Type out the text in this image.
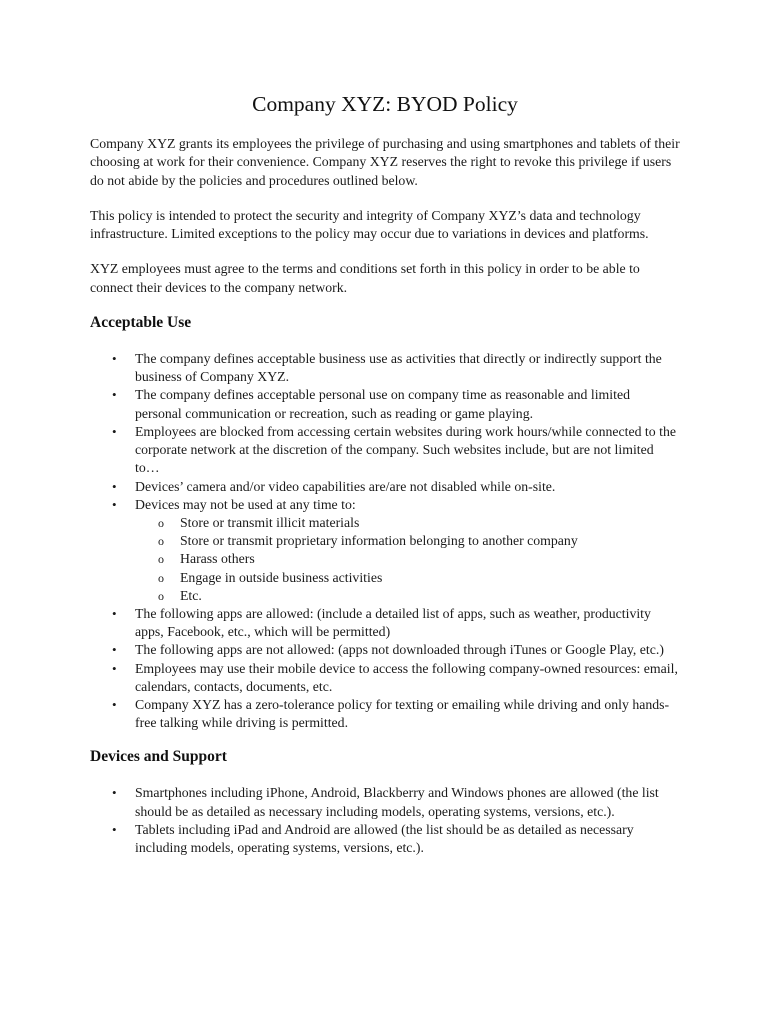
Company XYZ: BYOD Policy

Company XYZ grants its employees the privilege of purchasing and using smartphones and tablets of their choosing at work for their convenience. Company XYZ reserves the right to revoke this privilege if users do not abide by the policies and procedures outlined below.

This policy is intended to protect the security and integrity of Company XYZ’s data and technology infrastructure. Limited exceptions to the policy may occur due to variations in devices and platforms.

XYZ employees must agree to the terms and conditions set forth in this policy in order to be able to connect their devices to the company network.

Acceptable Use
• The company defines acceptable business use as activities that directly or indirectly support the business of Company XYZ.
• The company defines acceptable personal use on company time as reasonable and limited personal communication or recreation, such as reading or game playing.
• Employees are blocked from accessing certain websites during work hours/while connected to the corporate network at the discretion of the company. Such websites include, but are not limited to…
• Devices’ camera and/or video capabilities are/are not disabled while on-site.
• Devices may not be used at any time to:
o Store or transmit illicit materials
o Store or transmit proprietary information belonging to another company
o Harass others
o Engage in outside business activities
o Etc.
• The following apps are allowed: (include a detailed list of apps, such as weather, productivity apps, Facebook, etc., which will be permitted)
• The following apps are not allowed: (apps not downloaded through iTunes or Google Play, etc.)
• Employees may use their mobile device to access the following company-owned resources: email, calendars, contacts, documents, etc.
• Company XYZ has a zero-tolerance policy for texting or emailing while driving and only hands-free talking while driving is permitted.
Devices and Support
• Smartphones including iPhone, Android, Blackberry and Windows phones are allowed (the list should be as detailed as necessary including models, operating systems, versions, etc.).
• Tablets including iPad and Android are allowed (the list should be as detailed as necessary including models, operating systems, versions, etc.).
